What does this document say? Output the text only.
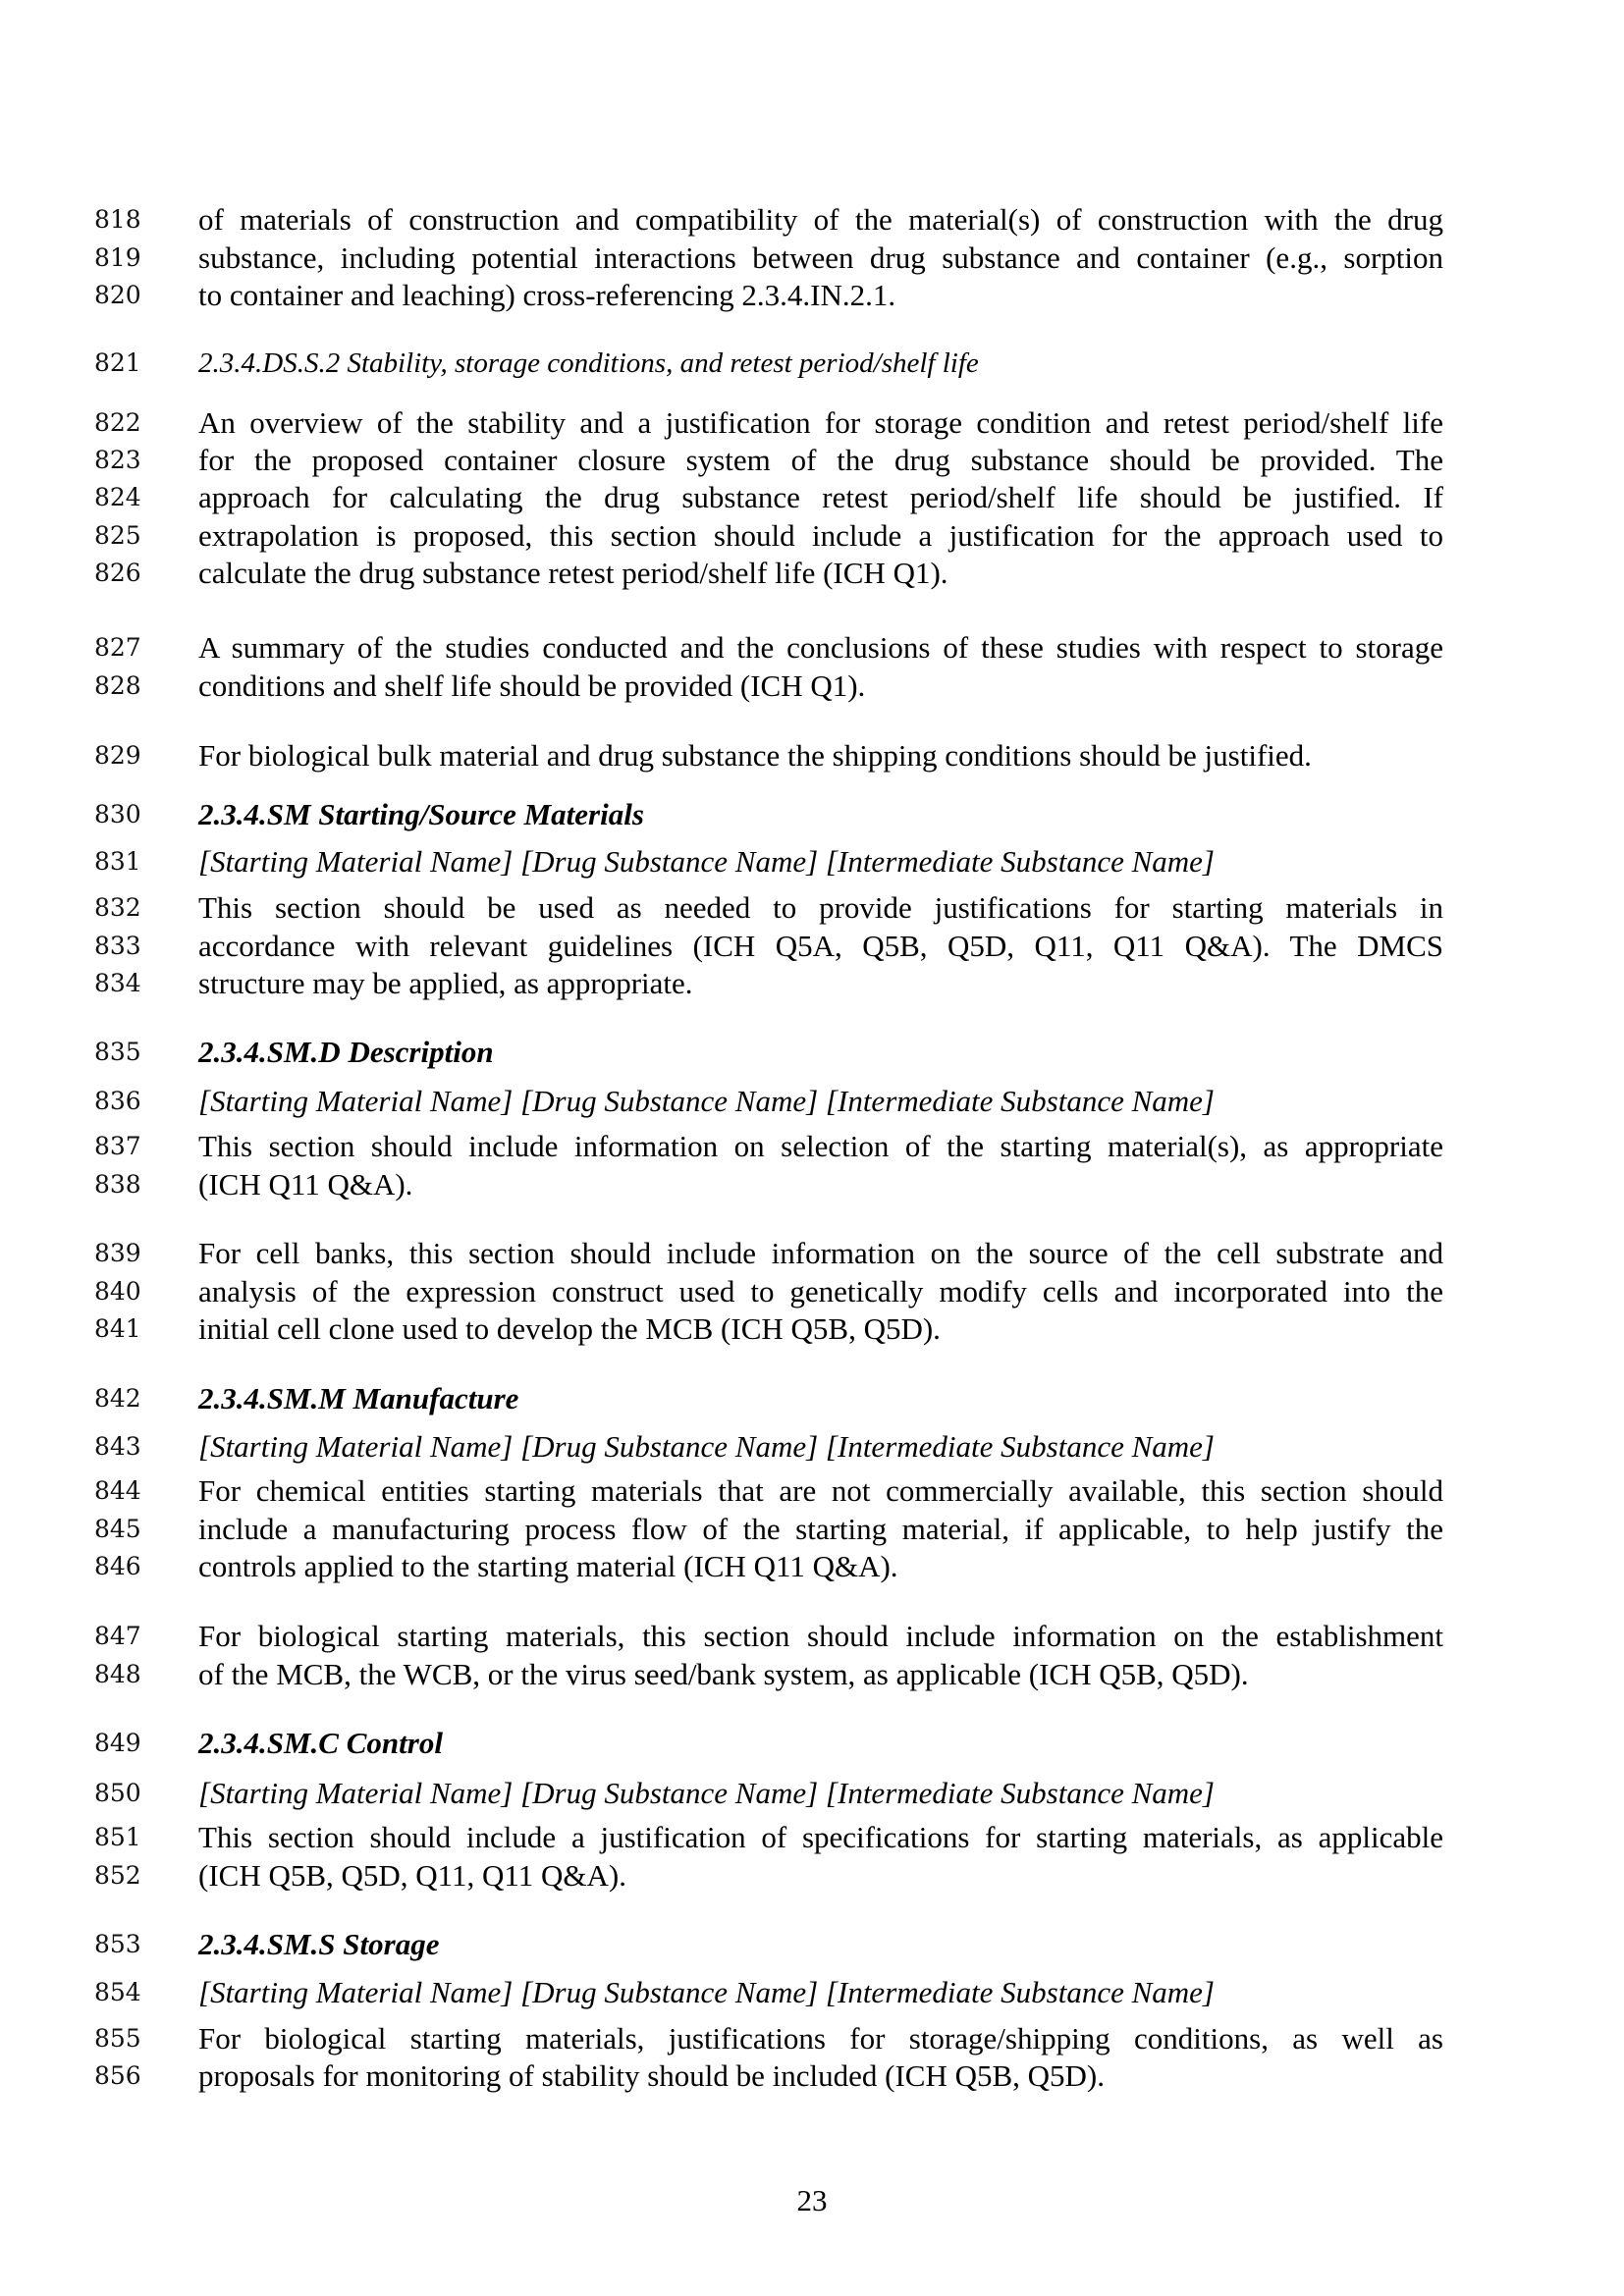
818 of materials of construction and compatibility of the material(s) of construction with the drug
819 substance, including potential interactions between drug substance and container (e.g., sorption
820 to container and leaching) cross-referencing 2.3.4.IN.2.1.
821 2.3.4.DS.S.2 Stability, storage conditions, and retest period/shelf life
822 An overview of the stability and a justification for storage condition and retest period/shelf life
823 for the proposed container closure system of the drug substance should be provided. The
824 approach for calculating the drug substance retest period/shelf life should be justified. If
825 extrapolation is proposed, this section should include a justification for the approach used to
826 calculate the drug substance retest period/shelf life (ICH Q1).
827 A summary of the studies conducted and the conclusions of these studies with respect to storage
828 conditions and shelf life should be provided (ICH Q1).
829 For biological bulk material and drug substance the shipping conditions should be justified.
830 2.3.4.SM Starting/Source Materials
831 [Starting Material Name] [Drug Substance Name] [Intermediate Substance Name]
832 This section should be used as needed to provide justifications for starting materials in
833 accordance with relevant guidelines (ICH Q5A, Q5B, Q5D, Q11, Q11 Q&A). The DMCS
834 structure may be applied, as appropriate.
835 2.3.4.SM.D Description
836 [Starting Material Name] [Drug Substance Name] [Intermediate Substance Name]
837 This section should include information on selection of the starting material(s), as appropriate
838 (ICH Q11 Q&A).
839 For cell banks, this section should include information on the source of the cell substrate and
840 analysis of the expression construct used to genetically modify cells and incorporated into the
841 initial cell clone used to develop the MCB (ICH Q5B, Q5D).
842 2.3.4.SM.M Manufacture
843 [Starting Material Name] [Drug Substance Name] [Intermediate Substance Name]
844 For chemical entities starting materials that are not commercially available, this section should
845 include a manufacturing process flow of the starting material, if applicable, to help justify the
846 controls applied to the starting material (ICH Q11 Q&A).
847 For biological starting materials, this section should include information on the establishment
848 of the MCB, the WCB, or the virus seed/bank system, as applicable (ICH Q5B, Q5D).
849 2.3.4.SM.C Control
850 [Starting Material Name] [Drug Substance Name] [Intermediate Substance Name]
851 This section should include a justification of specifications for starting materials, as applicable
852 (ICH Q5B, Q5D, Q11, Q11 Q&A).
853 2.3.4.SM.S Storage
854 [Starting Material Name] [Drug Substance Name] [Intermediate Substance Name]
855 For biological starting materials, justifications for storage/shipping conditions, as well as
856 proposals for monitoring of stability should be included (ICH Q5B, Q5D).
23
